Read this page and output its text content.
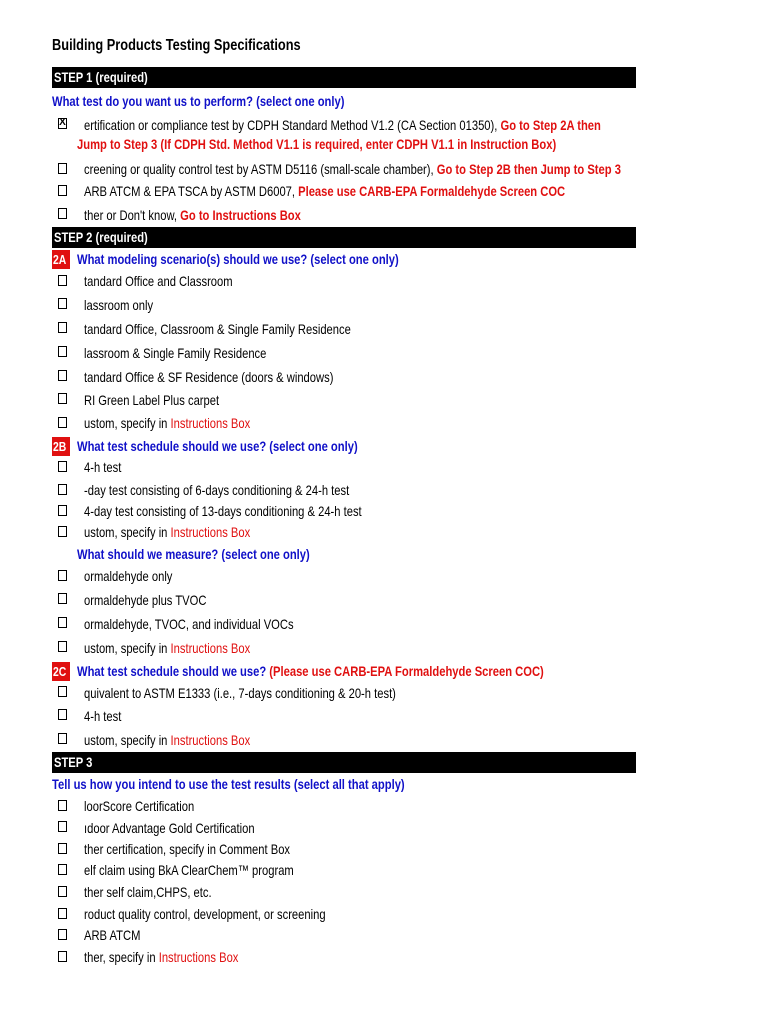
Building Products Testing Specifications
STEP 1 (required)
What test do you want us to perform? (select one only)
X ertification or compliance test by CDPH Standard Method V1.2 (CA Section 01350), Go to Step 2A then
Jump to Step 3 (If CDPH Std. Method V1.1 is required, enter CDPH V1.1 in Instruction Box)
creening or quality control test by ASTM D5116 (small-scale chamber), Go to Step 2B then Jump to Step 3
ARB ATCM & EPA TSCA by ASTM D6007, Please use CARB-EPA Formaldehyde Screen COC
ther or Don't know, Go to Instructions Box
STEP 2 (required)
2A What modeling scenario(s) should we use? (select one only)
tandard Office and Classroom
lassroom only
tandard Office, Classroom & Single Family Residence
lassroom & Single Family Residence
tandard Office & SF Residence (doors & windows)
RI Green Label Plus carpet
ustom, specify in Instructions Box
2B What test schedule should we use? (select one only)
4-h test
-day test consisting of 6-days conditioning & 24-h test
4-day test consisting of 13-days conditioning & 24-h test
ustom, specify in Instructions Box
What should we measure? (select one only)
ormaldehyde only
ormaldehyde plus TVOC
ormaldehyde, TVOC, and individual VOCs
ustom, specify in Instructions Box
2C What test schedule should we use? (Please use CARB-EPA Formaldehyde Screen COC)
quivalent to ASTM E1333 (i.e., 7-days conditioning & 20-h test)
4-h test
ustom, specify in Instructions Box
STEP 3
Tell us how you intend to use the test results (select all that apply)
loorScore Certification
ıdoor Advantage Gold Certification
ther certification, specify in Comment Box
elf claim using BkA ClearChem™ program
ther self claim,CHPS, etc.
roduct quality control, development, or screening
ARB ATCM
ther, specify in Instructions Box
